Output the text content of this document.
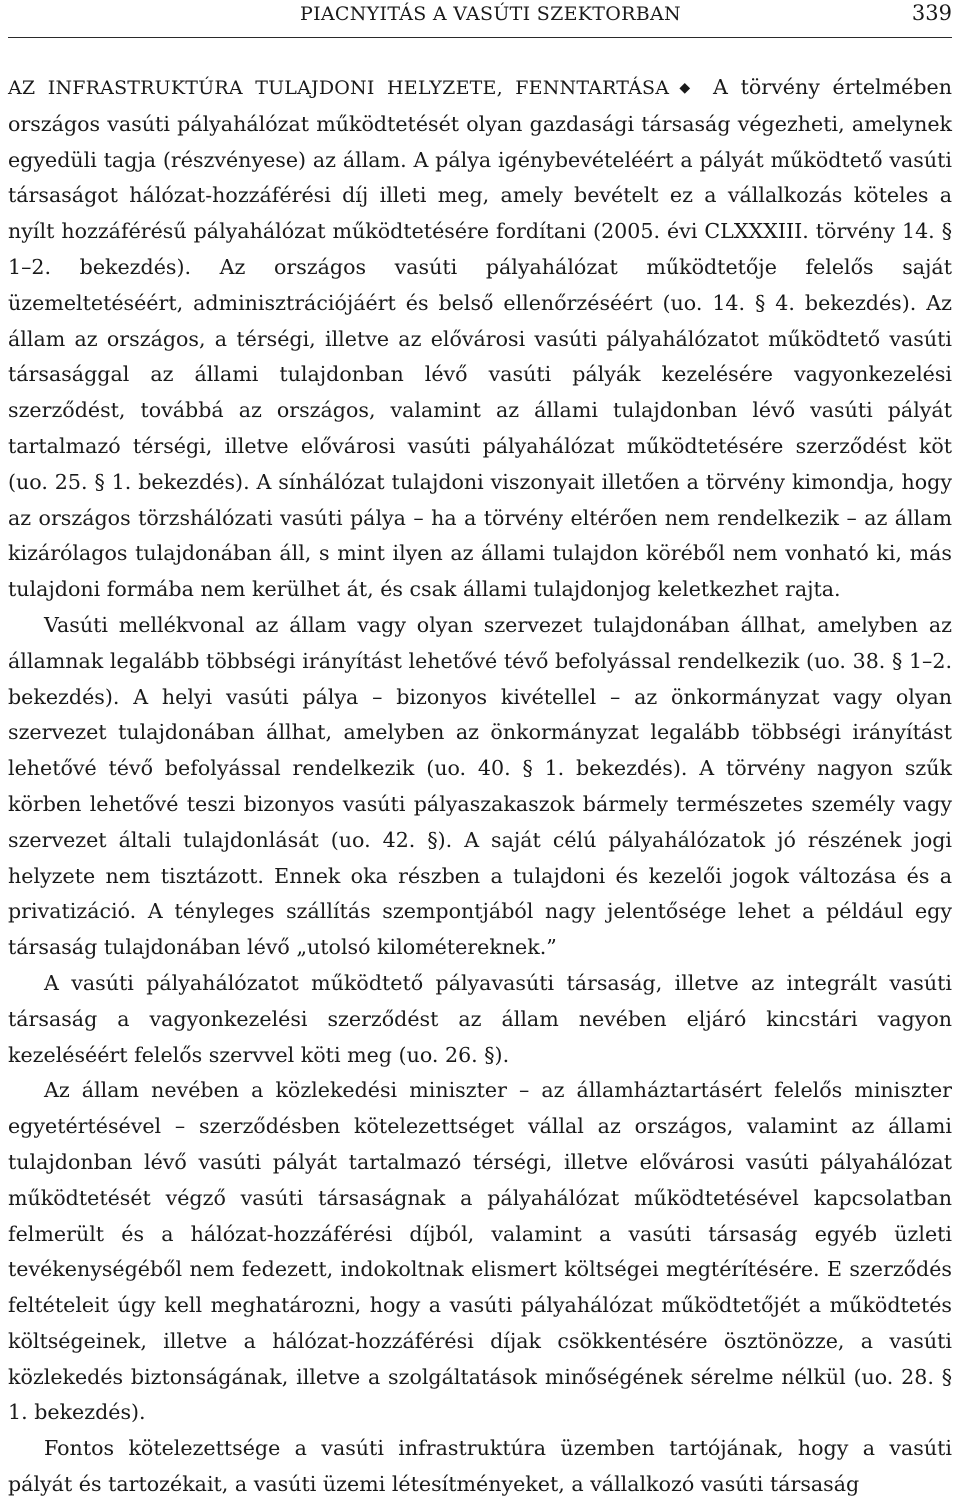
PIACNYITÁS A VASÚTI SZEKTORBAN	339

AZ INFRASTRUKTÚRA TULAJDONI HELYZETE, FENNTARTÁSA ◆ A törvény értelmében országos vasúti pályahálózat működtetését olyan gazdasági társaság végezheti, amelynek egyedüli tagja (részvényese) az állam. A pálya igénybevételéért a pályát működtető vasúti társaságot hálózat-hozzáférési díj illeti meg, amely bevételt ez a vállalkozás köteles a nyílt hozzáférésű pályahálózat működtetésére fordítani (2005. évi CLXXXIII. törvény 14. § 1–2. bekezdés). Az országos vasúti pályahálózat működtetője felelős saját üzemeltetéséért, adminisztrációjáért és belső ellenőrzéséért (uo. 14. § 4. bekezdés). Az állam az országos, a térségi, illetve az elővárosi vasúti pályahálózatot működtető vasúti társasággal az állami tulajdonban lévő vasúti pályák kezelésére vagyonkezelési szerződést, továbbá az országos, valamint az állami tulajdonban lévő vasúti pályát tartalmazó térségi, illetve elővárosi vasúti pályahálózat működtetésére szerződést köt (uo. 25. § 1. bekezdés). A sínhálózat tulajdoni viszonyait illetően a törvény kimondja, hogy az országos törzshálózati vasúti pálya – ha a törvény eltérően nem rendelkezik – az állam kizárólagos tulajdonában áll, s mint ilyen az állami tulajdon köréből nem vonható ki, más tulajdoni formába nem kerülhet át, és csak állami tulajdonjog keletkezhet rajta.

Vasúti mellékvonal az állam vagy olyan szervezet tulajdonában állhat, amelyben az államnak legalább többségi irányítást lehetővé tévő befolyással rendelkezik (uo. 38. § 1–2. bekezdés). A helyi vasúti pálya – bizonyos kivétellel – az önkormányzat vagy olyan szervezet tulajdonában állhat, amelyben az önkormányzat legalább többségi irányítást lehetővé tévő befolyással rendelkezik (uo. 40. § 1. bekezdés). A törvény nagyon szűk körben lehetővé teszi bizonyos vasúti pályaszakaszok bármely természetes személy vagy szervezet általi tulajdonlását (uo. 42. §). A saját célú pályahálózatok jó részének jogi helyzete nem tisztázott. Ennek oka részben a tulajdoni és kezelői jogok változása és a privatizáció. A tényleges szállítás szempontjából nagy jelentősége lehet a például egy társaság tulajdonában lévő „utolsó kilométereknek.”

A vasúti pályahálózatot működtető pályavasúti társaság, illetve az integrált vasúti társaság a vagyonkezelési szerződést az állam nevében eljáró kincstári vagyon kezeléséért felelős szervvel köti meg (uo. 26. §).

Az állam nevében a közlekedési miniszter – az államháztartásért felelős miniszter egyetértésével – szerződésben kötelezettséget vállal az országos, valamint az állami tulajdonban lévő vasúti pályát tartalmazó térségi, illetve elővárosi vasúti pályahálózat működtetését végző vasúti társaságnak a pályahálózat működtetésével kapcsolatban felmerült és a hálózat-hozzáférési díjból, valamint a vasúti társaság egyéb üzleti tevékenységéből nem fedezett, indokoltnak elismert költségei megtérítésére. E szerződés feltételeit úgy kell meghatározni, hogy a vasúti pályahálózat működtetőjét a működtetés költségeinek, illetve a hálózat-hozzáférési díjak csökkentésére ösztönözze, a vasúti közlekedés biztonságának, illetve a szolgáltatások minőségének sérelme nélkül (uo. 28. § 1. bekezdés).

Fontos kötelezettsége a vasúti infrastruktúra üzemben tartójának, hogy a vasúti pályát és tartozékait, a vasúti üzemi létesítményeket, a vállalkozó vasúti társaság
